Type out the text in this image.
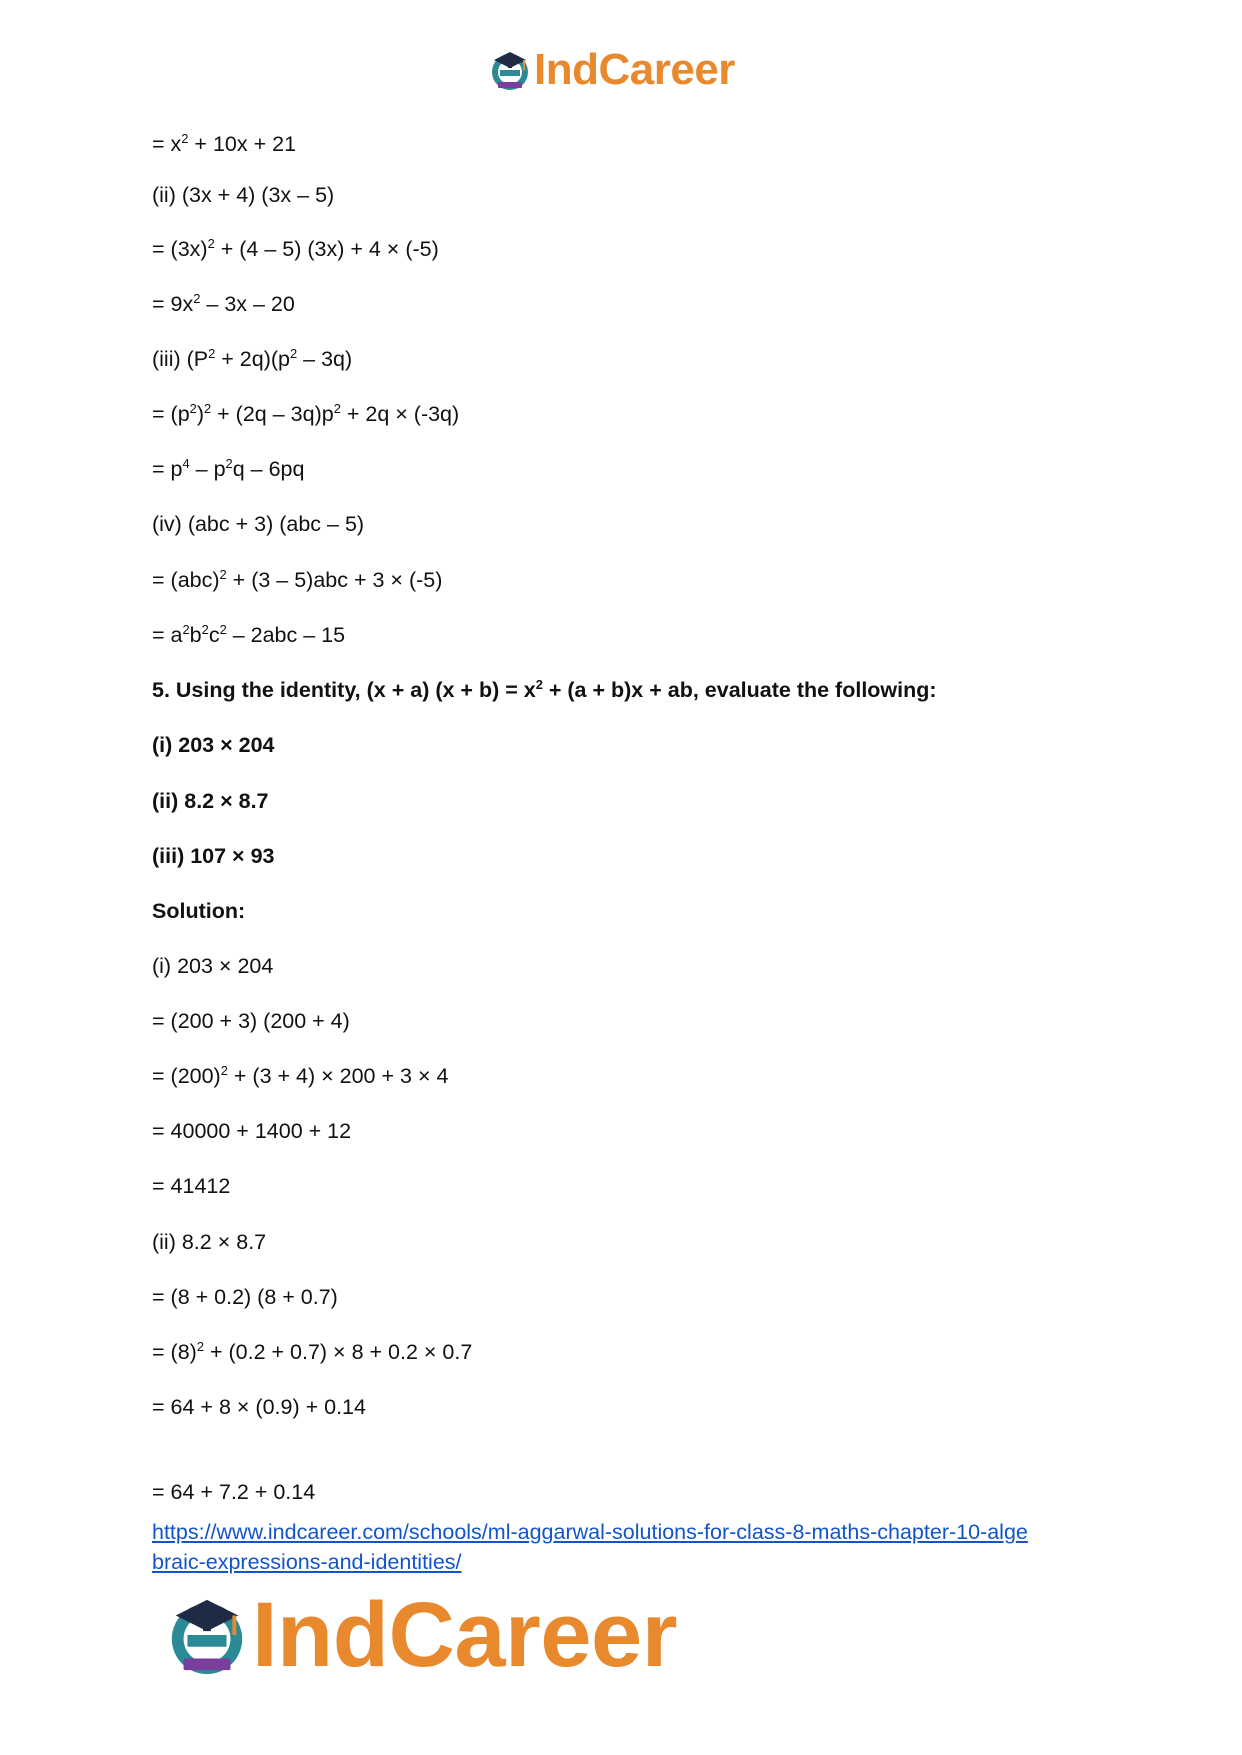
IndCareer
= $x^2 + 10x + 21$
(ii) (3x + 4) (3x – 5)
= $(3x)^2 + (4 - 5) (3x) + 4 \times (-5)$
= $9x^2 - 3x - 20$
(iii) $(P^2 + 2q)(p^2 - 3q)$
= $(p^2)^2 + (2q - 3q)p^2 + 2q \times (-3q)$
= $p^4 - p^2q - 6pq$
(iv) (abc + 3) (abc – 5)
= (abc)$^2$ + (3 – 5)abc + 3 × (-5)
= $a^2b^2c^2 - 2abc - 15$
5. Using the identity, (x + a) $(x + b) = x^2 + (a + b)x$ + ab, evaluate the following:
(i) 203 × 204
(ii) 8.2 × 8.7
(iii) 107 × 93
Solution:
(i) 203 × 204
= (200 + 3) (200 + 4)
= $(200)^2 + (3 + 4) \times 200 + 3 \times 4$
= 40000 + 1400 + 12
= 41412
(ii) 8.2 × 8.7
= (8 + 0.2) (8 + 0.7)
= $(8)^2 + (0.2 + 0.7) \times 8 + 0.2 \times 0.7$
= 64 + 8 × (0.9) + 0.14
= 64 + 7.2 + 0.14
https://www.indcareer.com/schools/ml-aggarwal-solutions-for-class-8-maths-chapter-10-alge
braic-expressions-and-identities/
IndCareer
